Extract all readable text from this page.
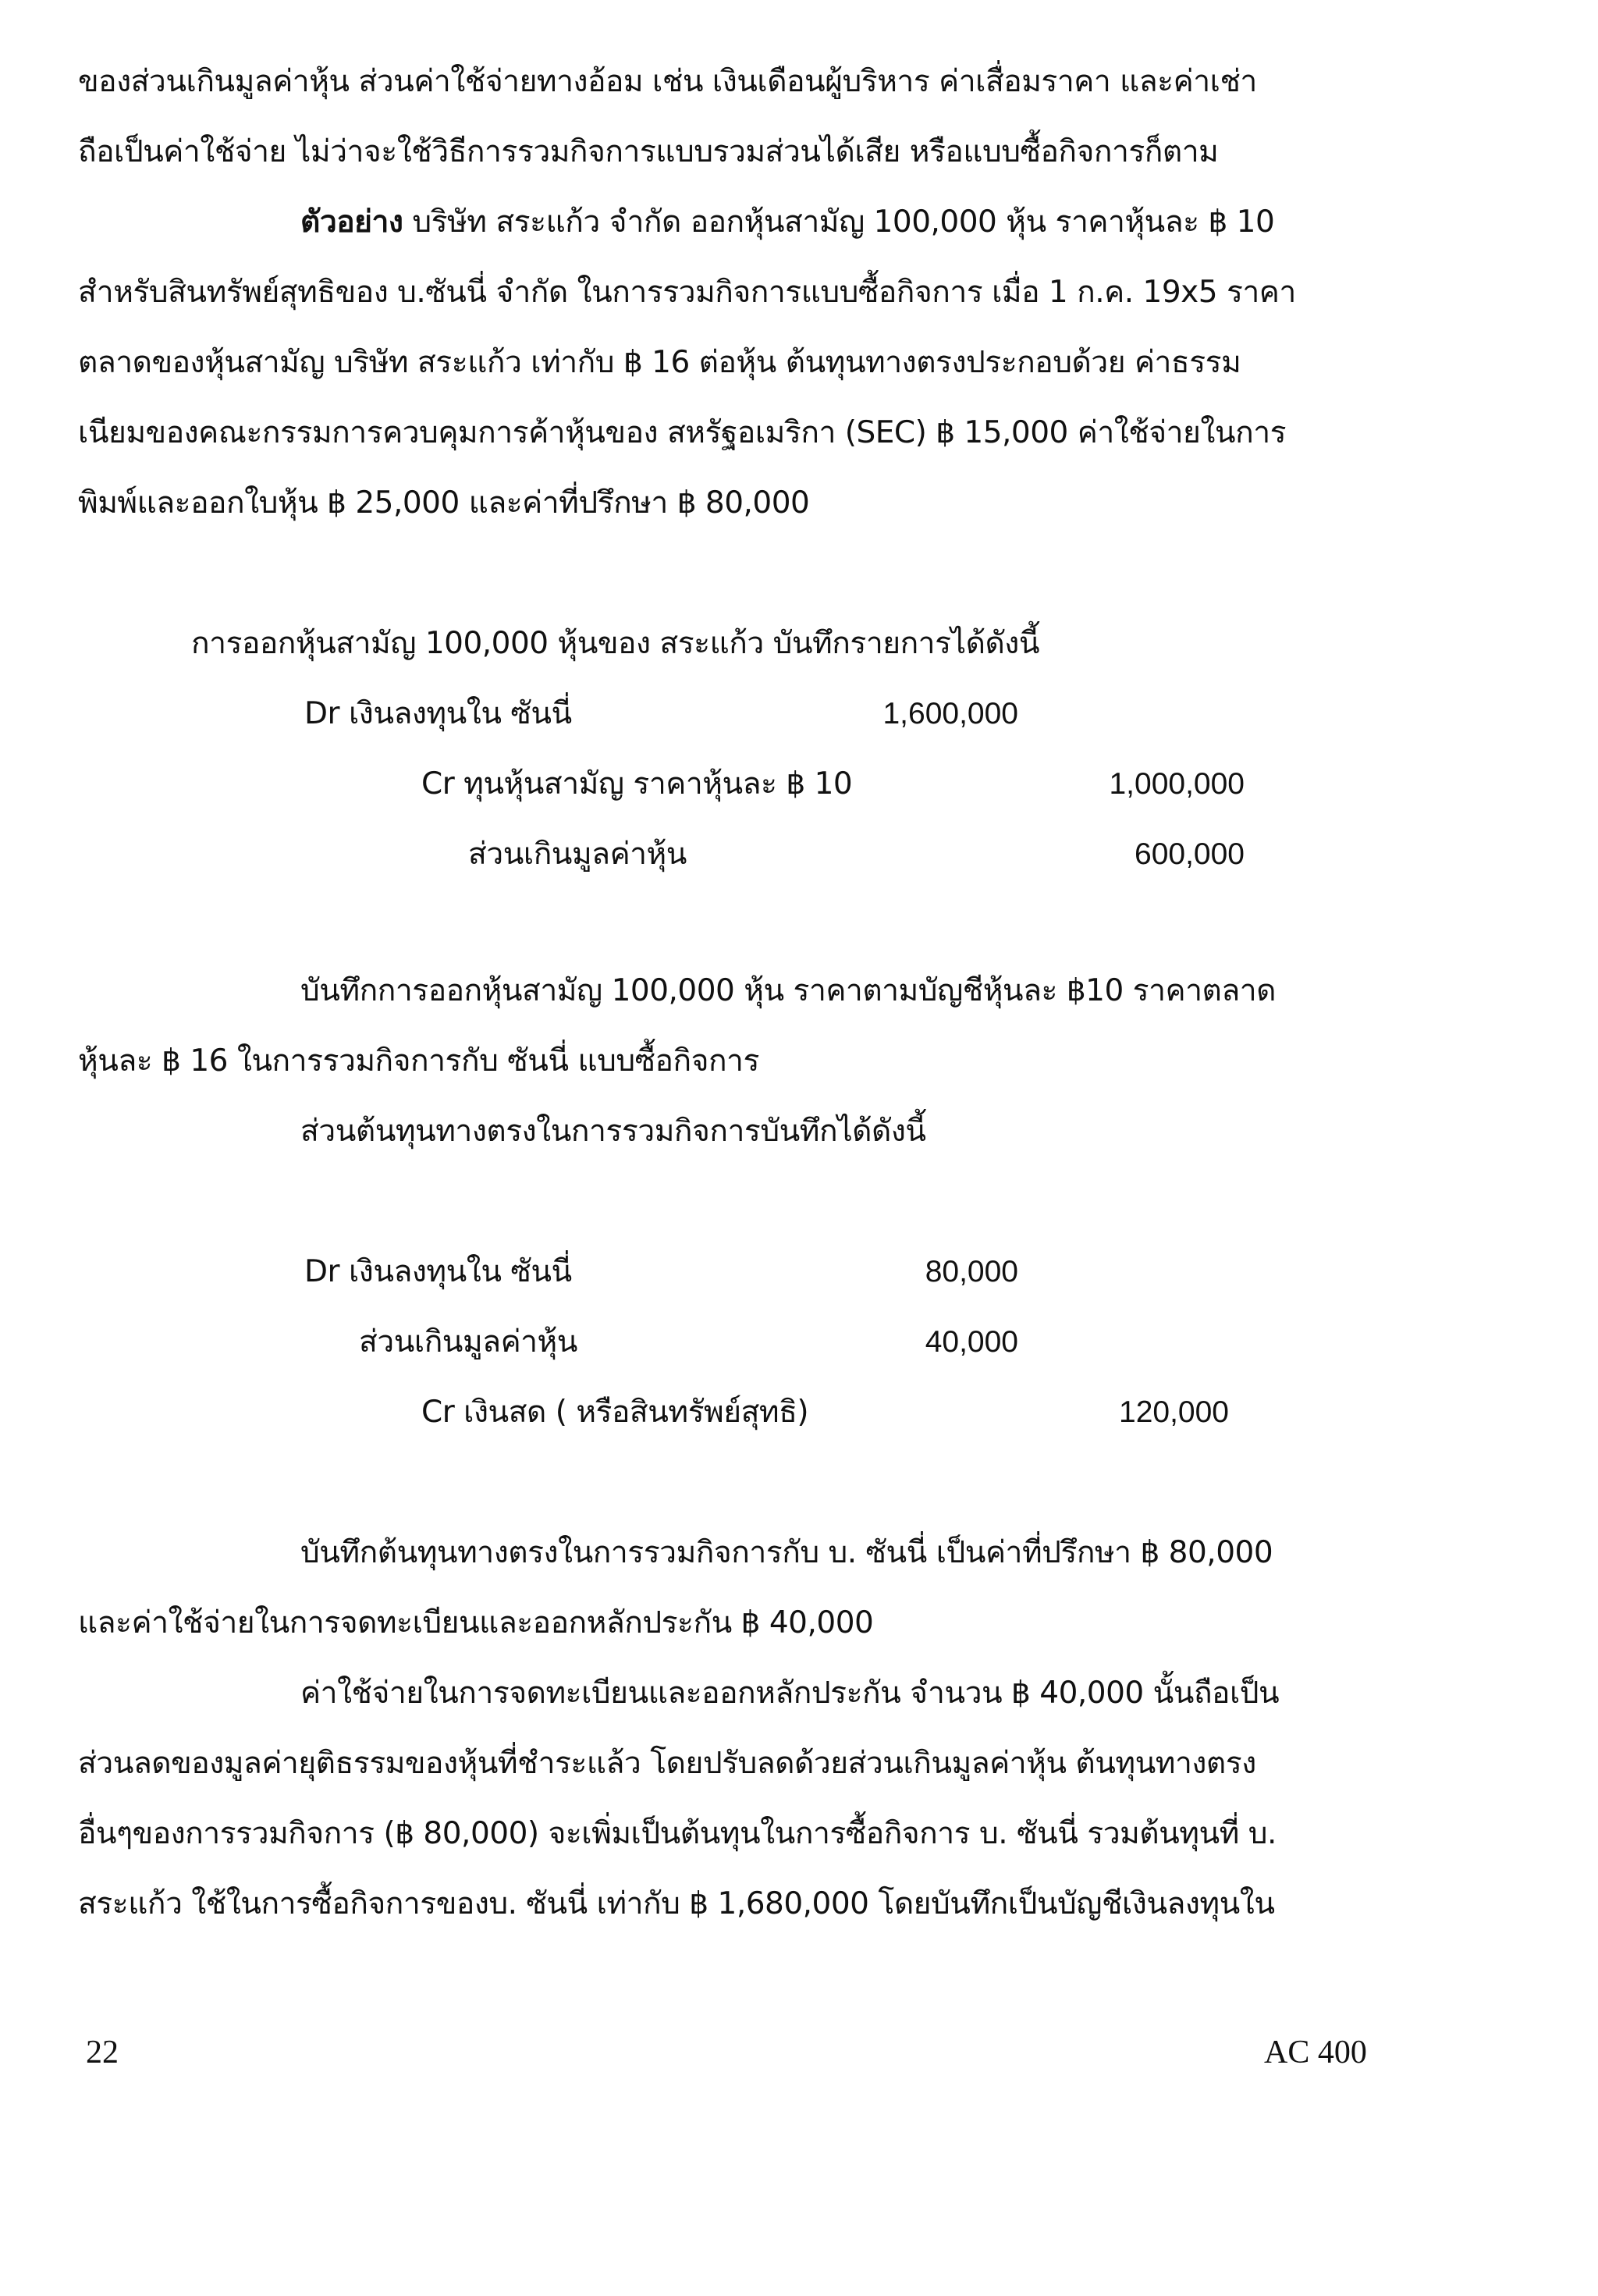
ของส่วนเกินมูลค่าหุ้น ส่วนค่าใช้จ่ายทางอ้อม เช่น เงินเดือนผู้บริหาร ค่าเสื่อมราคา และค่าเช่า
ถือเป็นค่าใช้จ่าย ไม่ว่าจะใช้วิธีการรวมกิจการแบบรวมส่วนได้เสีย หรือแบบซื้อกิจการก็ตาม
ตัวอย่าง บริษัท สระแก้ว จำกัด ออกหุ้นสามัญ 100,000 หุ้น ราคาหุ้นละ ฿ 10
สำหรับสินทรัพย์สุทธิของ บ.ซันนี่ จำกัด ในการรวมกิจการแบบซื้อกิจการ เมื่อ 1 ก.ค. 19x5 ราคา
ตลาดของหุ้นสามัญ บริษัท สระแก้ว เท่ากับ ฿ 16 ต่อหุ้น ต้นทุนทางตรงประกอบด้วย ค่าธรรม
เนียมของคณะกรรมการควบคุมการค้าหุ้นของ สหรัฐอเมริกา (SEC) ฿ 15,000 ค่าใช้จ่ายในการ
พิมพ์และออกใบหุ้น ฿ 25,000 และค่าที่ปรึกษา ฿ 80,000
การออกหุ้นสามัญ 100,000 หุ้นของ สระแก้ว บันทึกรายการได้ดังนี้
Dr เงินลงทุนใน ซันนี่	1,600,000
Cr ทุนหุ้นสามัญ ราคาหุ้นละ ฿ 10	1,000,000
ส่วนเกินมูลค่าหุ้น	600,000
บันทึกการออกหุ้นสามัญ 100,000 หุ้น ราคาตามบัญชีหุ้นละ ฿10 ราคาตลาด
หุ้นละ ฿ 16 ในการรวมกิจการกับ ซันนี่ แบบซื้อกิจการ
ส่วนต้นทุนทางตรงในการรวมกิจการบันทึกได้ดังนี้
Dr เงินลงทุนใน ซันนี่	80,000
ส่วนเกินมูลค่าหุ้น	40,000
Cr เงินสด ( หรือสินทรัพย์สุทธิ)	120,000
บันทึกต้นทุนทางตรงในการรวมกิจการกับ บ. ซันนี่ เป็นค่าที่ปรึกษา ฿ 80,000
และค่าใช้จ่ายในการจดทะเบียนและออกหลักประกัน ฿ 40,000
ค่าใช้จ่ายในการจดทะเบียนและออกหลักประกัน จำนวน ฿ 40,000 นั้นถือเป็น
ส่วนลดของมูลค่ายุติธรรมของหุ้นที่ชำระแล้ว โดยปรับลดด้วยส่วนเกินมูลค่าหุ้น ต้นทุนทางตรง
อื่นๆของการรวมกิจการ (฿ 80,000) จะเพิ่มเป็นต้นทุนในการซื้อกิจการ บ. ซันนี่ รวมต้นทุนที่ บ.
สระแก้ว ใช้ในการซื้อกิจการของบ. ซันนี่ เท่ากับ ฿ 1,680,000 โดยบันทึกเป็นบัญชีเงินลงทุนใน
22	AC 400
